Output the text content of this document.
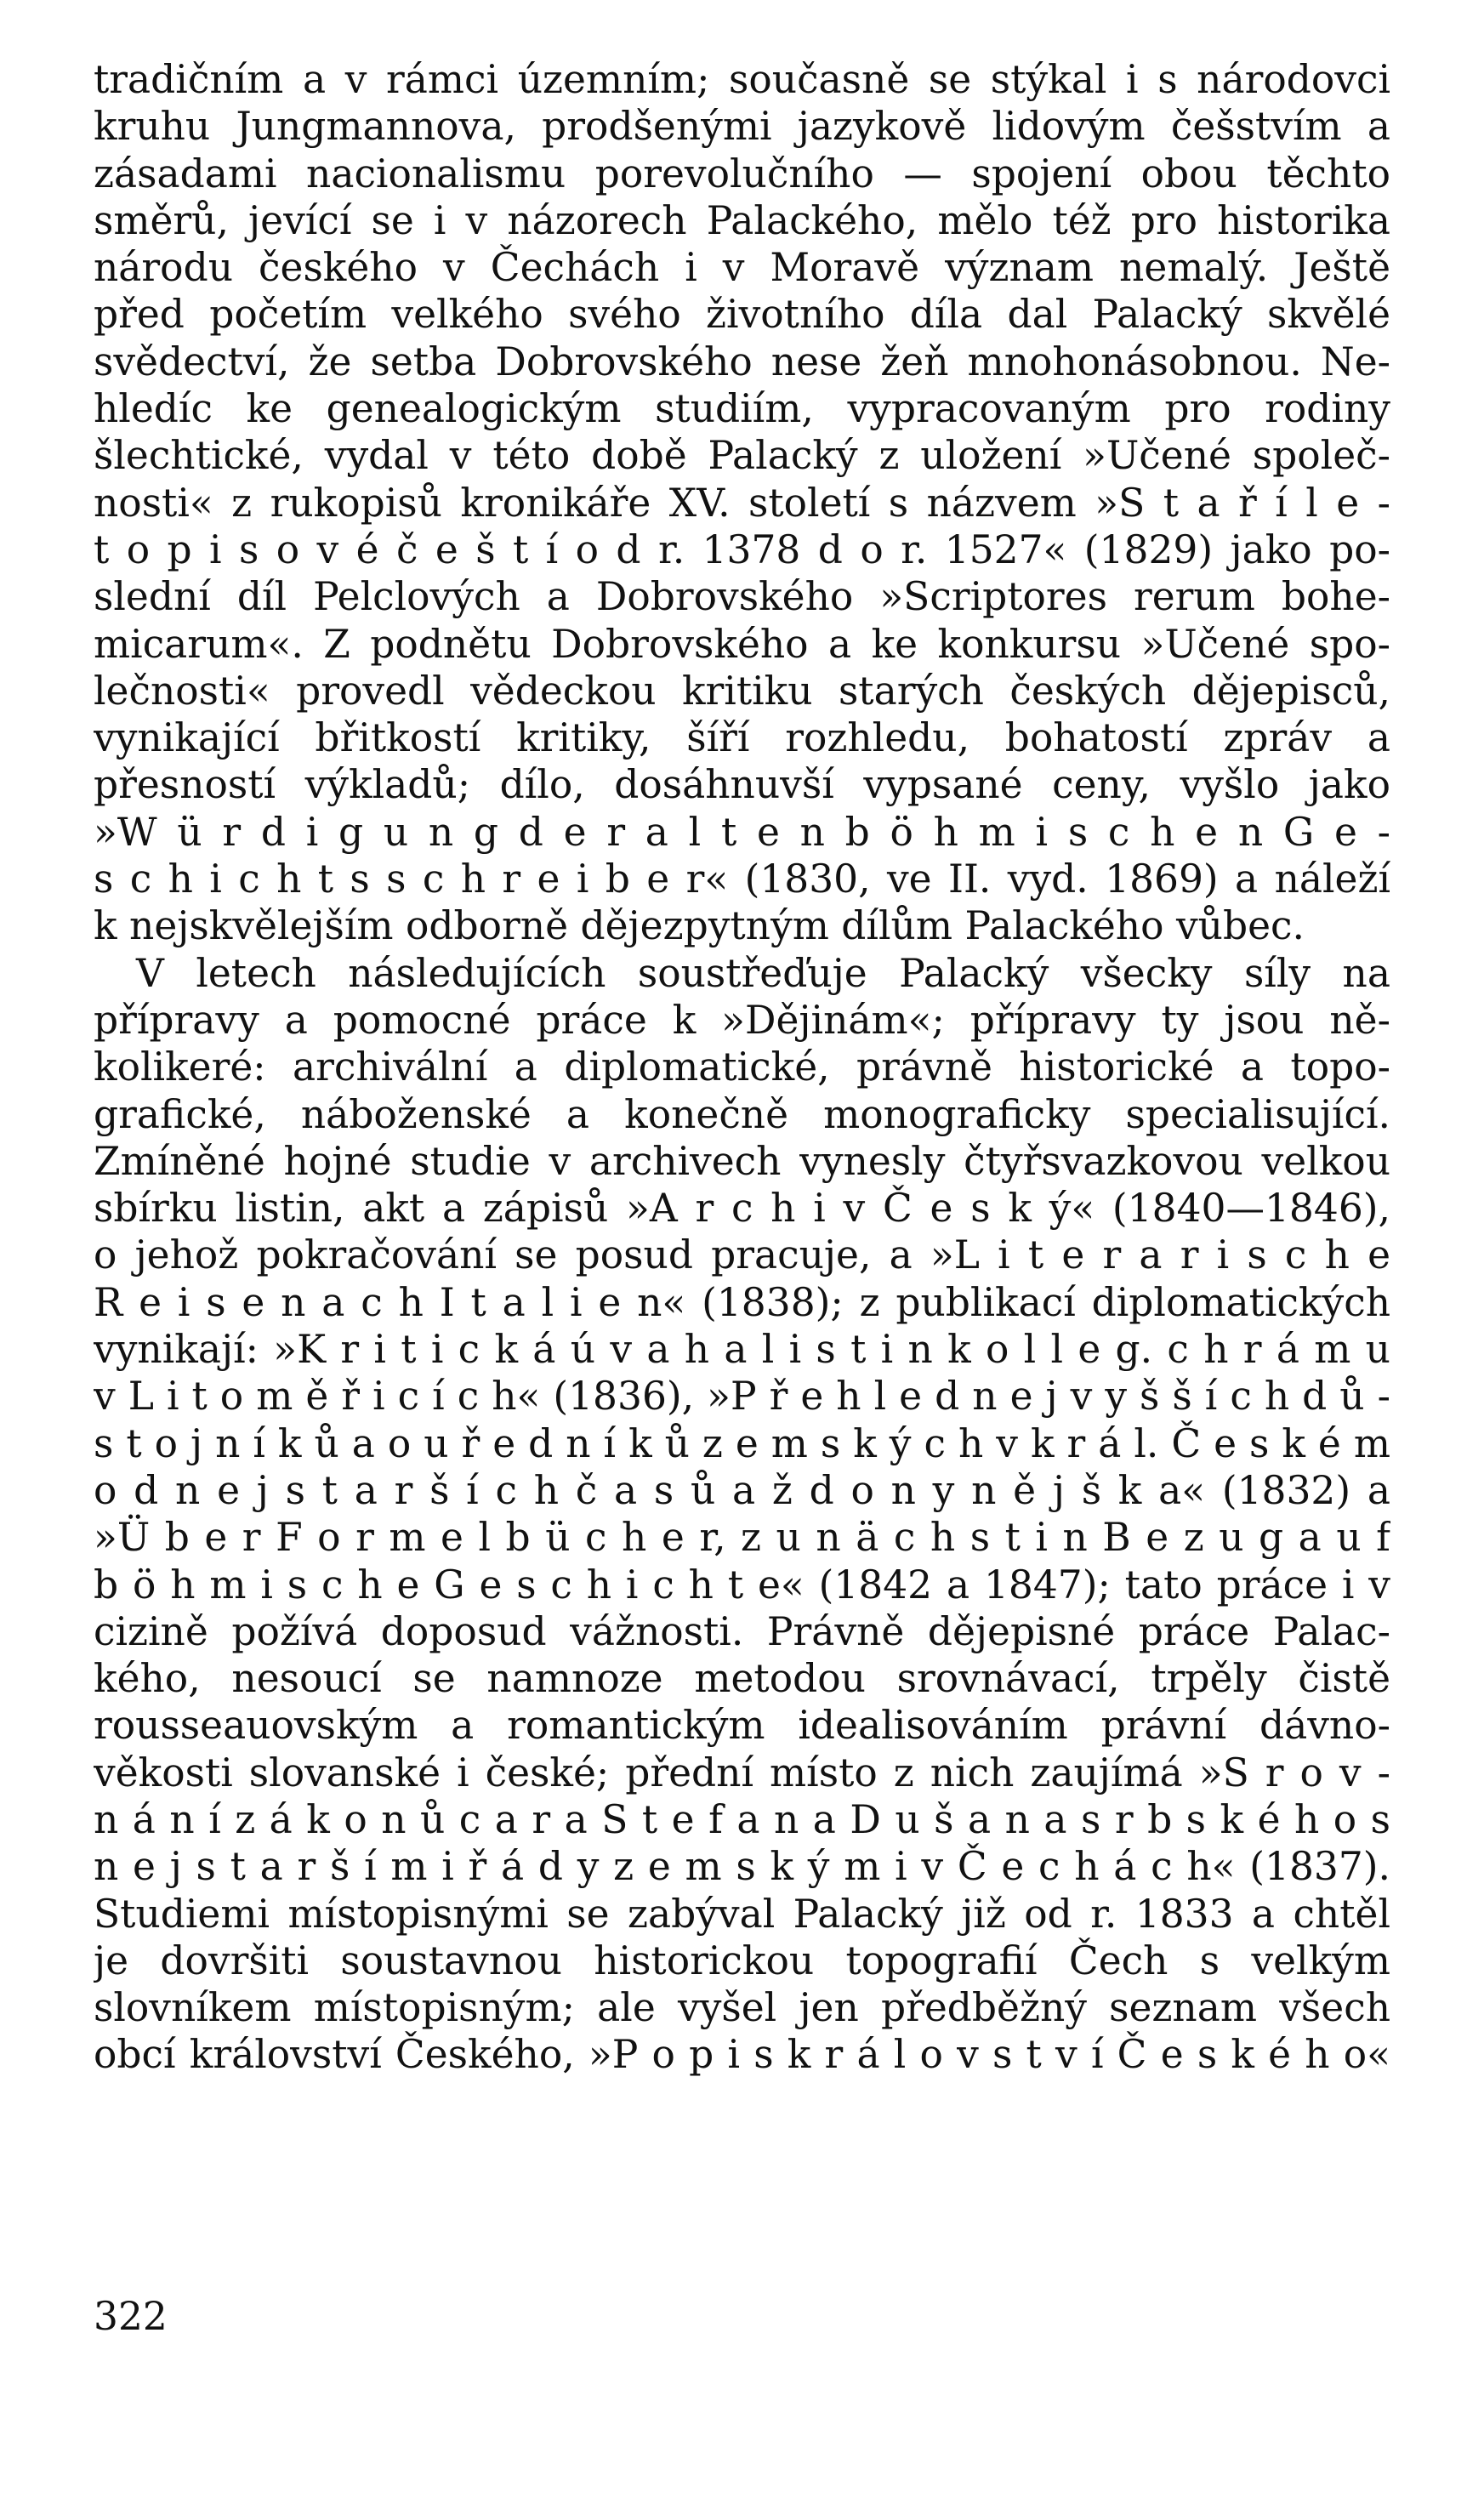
tradičním a v rámci územním; současně se stýkal i s národovci
kruhu Jungmannova, prodšenými jazykově lidovým češstvím a
zásadami nacionalismu porevolučního — spojení obou těchto
směrů, jevící se i v názorech Palackého, mělo též pro historika
národu českého v Čechách i v Moravě význam nemalý. Ještě
před početím velkého svého životního díla dal Palacký skvělé
svědectví, že setba Dobrovského nese žeň mnohonásobnou. Ne-
hledíc ke genealogickým studiím, vypracovaným pro rodiny
šlechtické, vydal v této době Palacký z uložení »Učené společ-
nosti« z rukopisů kronikáře XV. století s názvem »S t a ř í l e -
t o p i s o v é č e š t í o d r. 1378 d o r. 1527« (1829) jako po-
slední díl Pelclových a Dobrovského »Scriptores rerum bohe-
micarum«. Z podnětu Dobrovského a ke konkursu »Učené spo-
lečnosti« provedl vědeckou kritiku starých českých dějepisců,
vynikající břitkostí kritiky, šíří rozhledu, bohatostí zpráv a
přesností výkladů; dílo, dosáhnuvší vypsané ceny, vyšlo jako
»W ü r d i g u n g d e r a l t e n b ö h m i s c h e n G e -
s c h i c h t s s c h r e i b e r« (1830, ve II. vyd. 1869) a náleží
k nejskvělejším odborně dějezpytným dílům Palackého vůbec.
V letech následujících soustřeďuje Palacký všecky síly na
přípravy a pomocné práce k »Dějinám«; přípravy ty jsou ně-
kolikeré: archivální a diplomatické, právně historické a topo-
grafické, náboženské a konečně monograficky specialisující.
Zmíněné hojné studie v archivech vynesly čtyřsvazkovou velkou
sbírku listin, akt a zápisů »A r c h i v Č e s k ý« (1840—1846),
o jehož pokračování se posud pracuje, a »L i t e r a r i s c h e
R e i s e n a c h I t a l i e n« (1838); z publikací diplomatických
vynikají: »K r i t i c k á ú v a h a l i s t i n k o l l e g. c h r á m u
v L i t o m ě ř i c í c h« (1836), »P ř e h l e d n e j v y š š í c h d ů -
s t o j n í k ů a o u ř e d n í k ů z e m s k ý c h v k r á l. Č e s k é m
o d n e j s t a r š í c h č a s ů a ž d o n y n ě j š k a« (1832) a
»Ü b e r F o r m e l b ü c h e r, z u n ä c h s t i n B e z u g a u f
b ö h m i s c h e G e s c h i c h t e« (1842 a 1847); tato práce i v
cizině požívá doposud vážnosti. Právně dějepisné práce Palac-
kého, nesoucí se namnoze metodou srovnávací, trpěly čistě
rousseauovským a romantickým idealisováním právní dávno-
věkosti slovanské i české; přední místo z nich zaujímá »S r o v -
n á n í z á k o n ů c a r a S t e f a n a D u š a n a s r b s k é h o s
n e j s t a r š í m i ř á d y z e m s k ý m i v Č e c h á c h« (1837).
Studiemi místopisnými se zabýval Palacký již od r. 1833 a chtěl
je dovršiti soustavnou historickou topografií Čech s velkým
slovníkem místopisným; ale vyšel jen předběžný seznam všech
obcí království Českého, »P o p i s k r á l o v s t v í Č e s k é h o«
322
